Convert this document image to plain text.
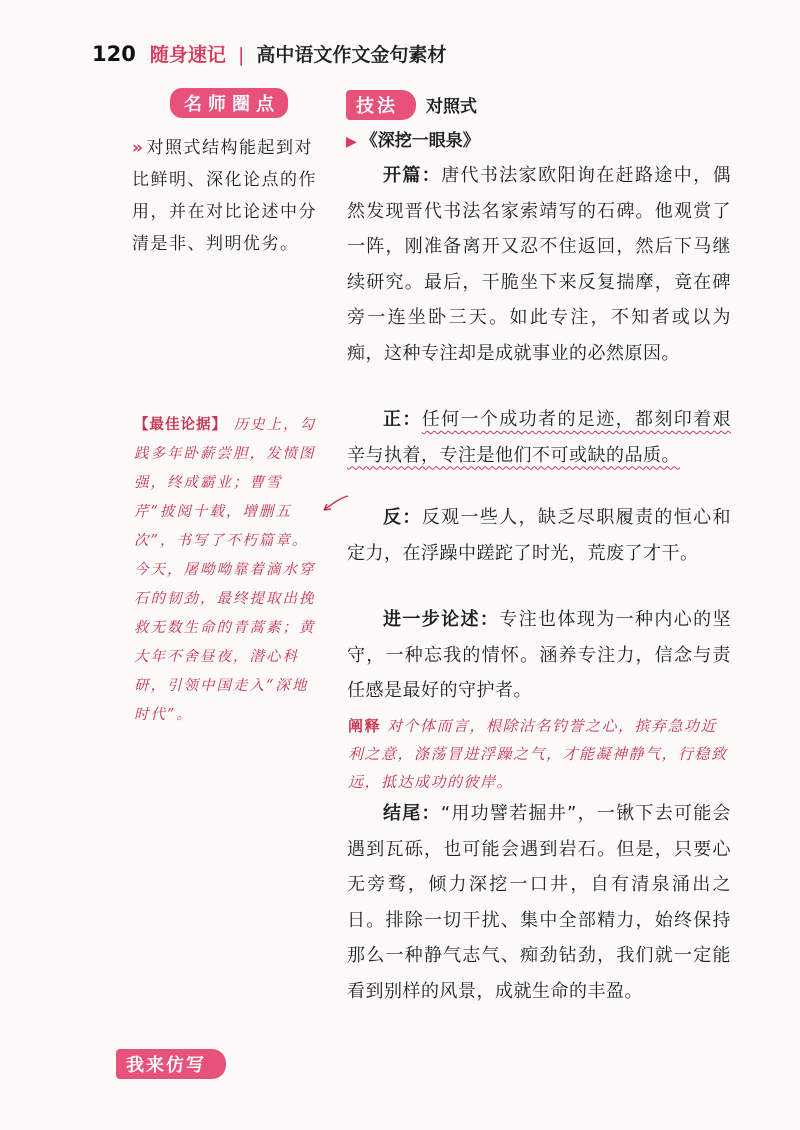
120 随身速记 | 高中语文作文金句素材
名师圈点	技法	对照式
» 对照式结构能起到对比鲜明、深化论点的作用，并在对比论述中分清是非、判明优劣。
【最佳论据】 历史上，勾践多年卧薪尝胆，发愤图强，终成霸业；曹雪芹“披阅十载，增删五次”，书写了不朽篇章。今天，屠呦呦靠着滴水穿石的韧劲，最终提取出挽救无数生命的青蒿素；黄大年不舍昼夜，潜心科研，引领中国走入“深地时代”。
▶ 《深挖一眼泉》
开篇：唐代书法家欧阳询在赶路途中，偶然发现晋代书法名家索靖写的石碑。他观赏了一阵，刚准备离开又忍不住返回，然后下马继续研究。最后，干脆坐下来反复揣摩，竟在碑旁一连坐卧三天。如此专注，不知者或以为痴，这种专注却是成就事业的必然原因。
正：任何一个成功者的足迹，都刻印着艰辛与执着，专注是他们不可或缺的品质。
反：反观一些人，缺乏尽职履责的恒心和定力，在浮躁中蹉跎了时光，荒废了才干。
进一步论述：专注也体现为一种内心的坚守，一种忘我的情怀。涵养专注力，信念与责任感是最好的守护者。
阐释 对个体而言，根除沽名钓誉之心，摈弃急功近利之意，涤荡冒进浮躁之气，才能凝神静气，行稳致远，抵达成功的彼岸。
结尾：“用功譬若掘井”，一锹下去可能会遇到瓦砾，也可能会遇到岩石。但是，只要心无旁骛，倾力深挖一口井，自有清泉涌出之日。排除一切干扰、集中全部精力，始终保持那么一种静气志气、痴劲钻劲，我们就一定能看到别样的风景，成就生命的丰盈。
我来仿写
